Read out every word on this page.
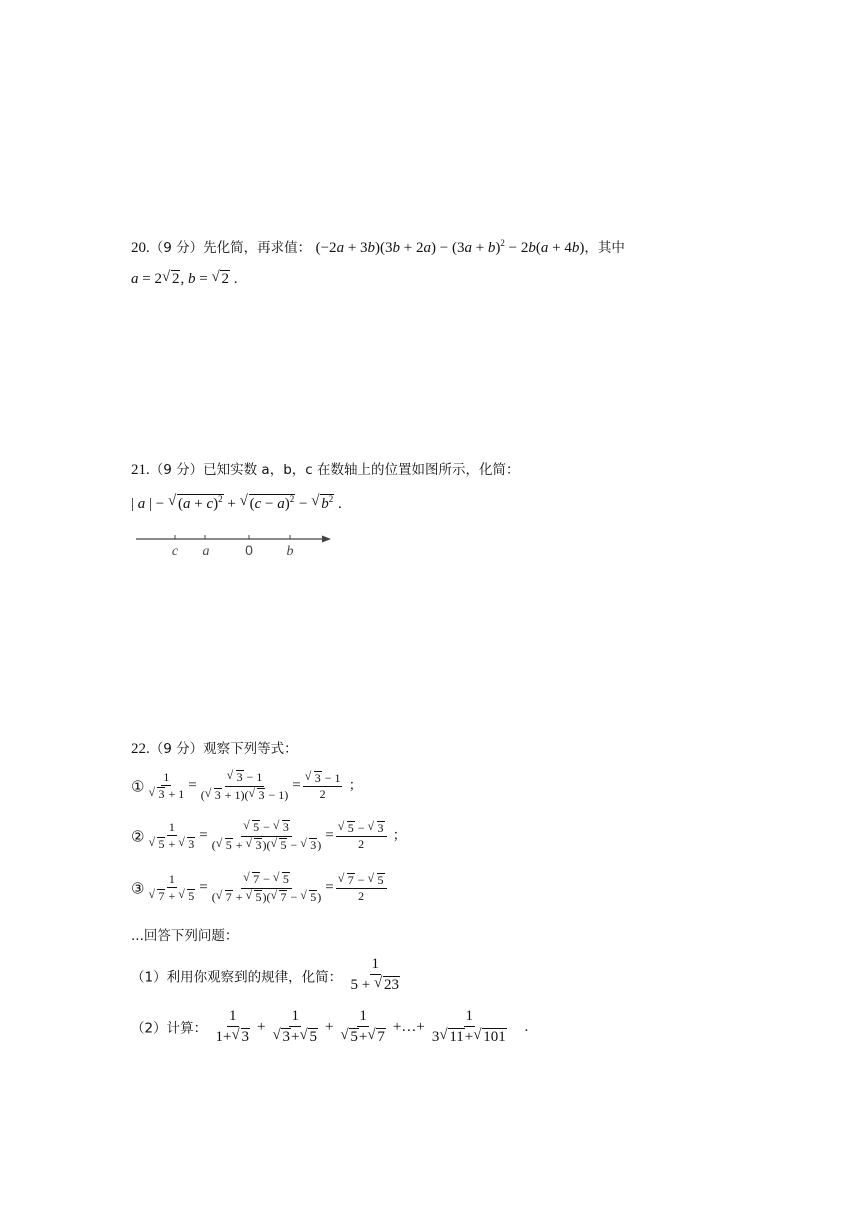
20.（9 分）先化简，再求值： $(-2a + 3b)(3b + 2a) - (3a + b)^2 - 2b(a + 4b)$，其中
a = 2 √ 2, b = √ 2 .
21.（9 分）已知实数 a，b，c 在数轴上的位置如图所示，化简：
| a | − √ $(a + c)^2$ + √ $(c - a)^2$ − √ $b^2$ .
c a	0 b
22.（9 分）观察下列等式：
① 1
√ 3 + 1 = √ $\frac{3 - 1}{( √ 3 + 1)( √ 3 - 1)}$ = √ $\frac{3 - 1}{2}$ ；
② 1
√ 5 + √ 3 = √ $\frac{5 - √ 3}{( √ 5 + √ 3)( √ 5 - √ 3)}$ = √ $\frac{5 - √ 3}{2}$ ；
③ 1
√ 7 + √ 5 = √ $\frac{7 - √ 5}{( √ 7 + √ 5)( √ 7 - √ 5)}$ = √ $\frac{7 - √ 5}{2}$
...回答下列问题：
（1）利用你观察到的规律，化简： $\frac{1}{5 + √ 23}$
（2）计算： $\frac{1}{1+ √ 3} + 1$
√ 3+ √ 5 + 1
√ 5+ √ 7 +…+ $\frac{1}{3 √ 11+ √ 101}$ .
